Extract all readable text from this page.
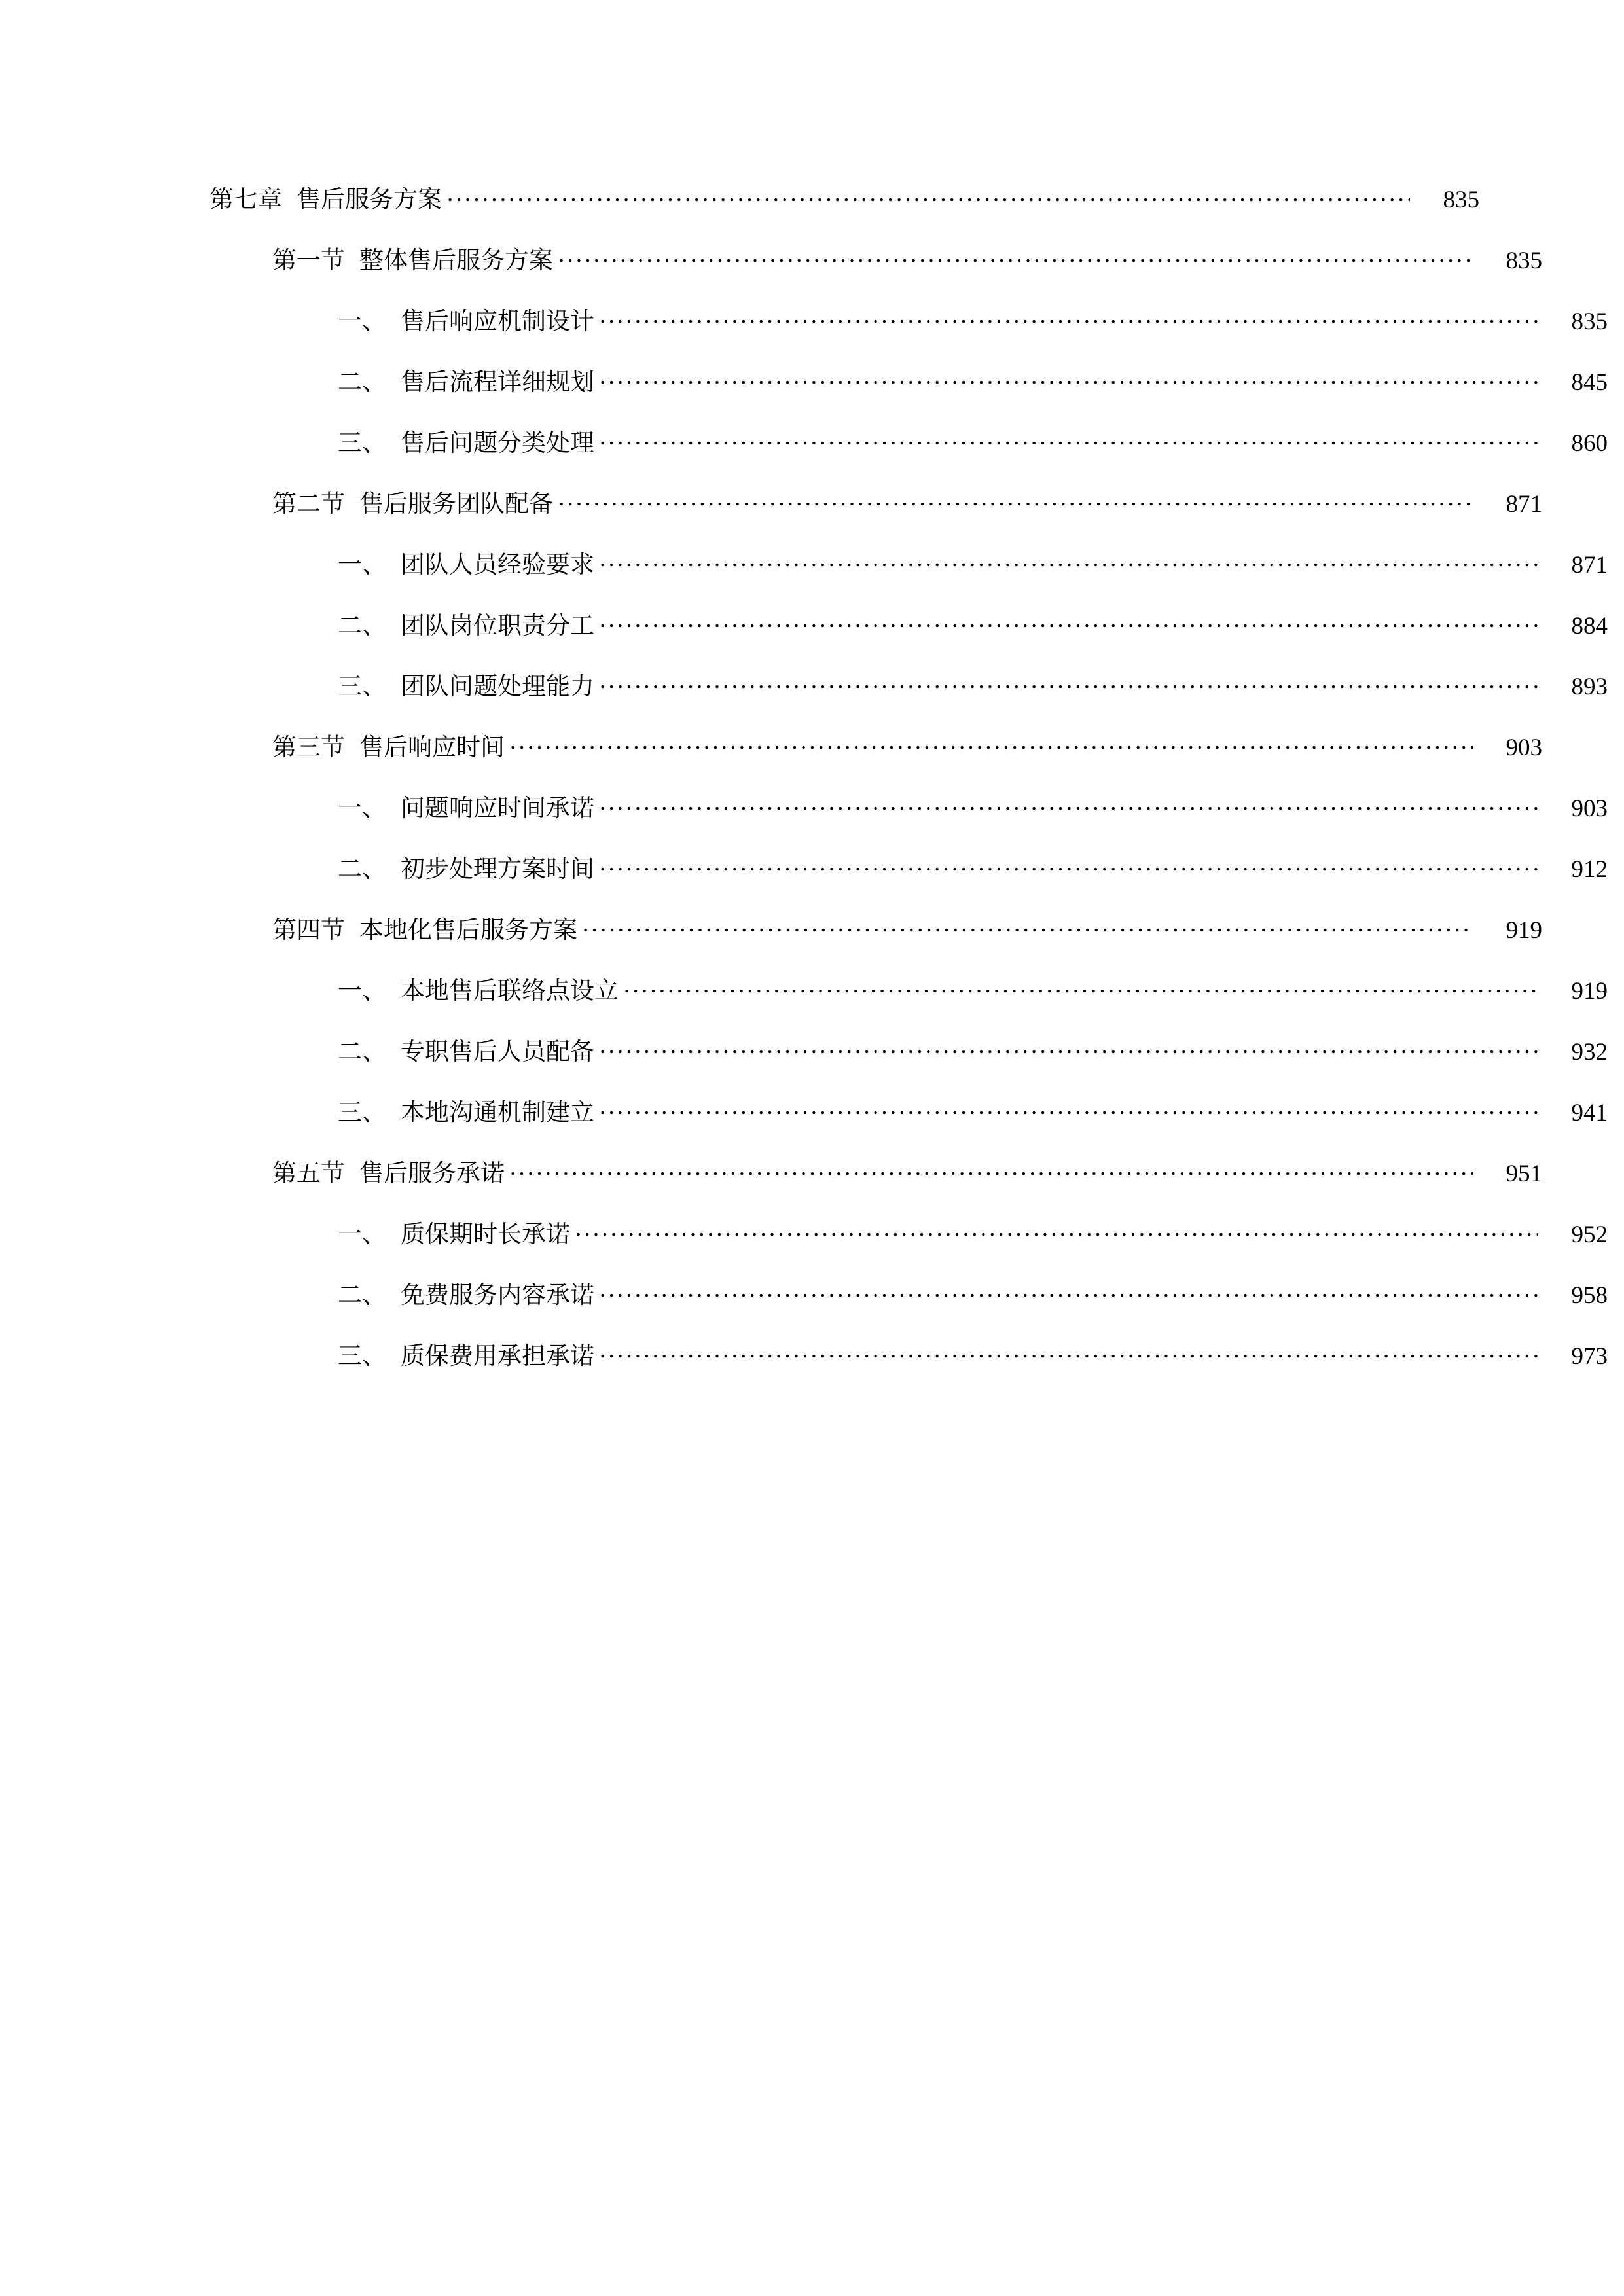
第七章 售后服务方案 .....	835
第一节 整体售后服务方案 .....	835
一、 售后响应机制设计 .....	835
二、 售后流程详细规划 .....	845
三、 售后问题分类处理 .....	860
第二节 售后服务团队配备 .....	871
一、 团队人员经验要求 .....	871
二、 团队岗位职责分工 .....	884
三、 团队问题处理能力 .....	893
第三节 售后响应时间 .....	903
一、 问题响应时间承诺 .....	903
二、 初步处理方案时间 .....	912
第四节 本地化售后服务方案 .....	919
一、 本地售后联络点设立 .....	919
二、 专职售后人员配备 .....	932
三、 本地沟通机制建立 .....	941
第五节 售后服务承诺 .....	951
一、 质保期时长承诺 .....	952
二、 免费服务内容承诺 .....	958
三、 质保费用承担承诺 .....	973
